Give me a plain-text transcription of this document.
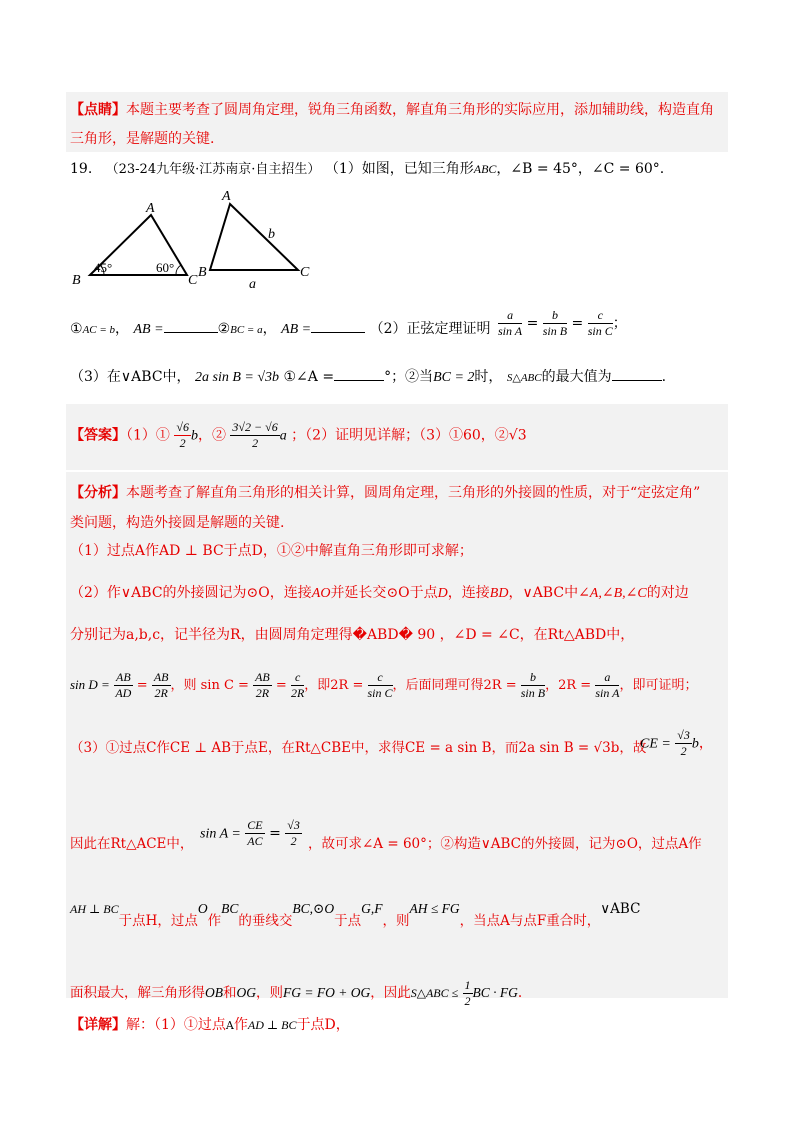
【点睛】本题主要考查了圆周角定理，锐角三角函数，解直角三角形的实际应用，添加辅助线，构造直角
三角形，是解题的关键.
19. （23-24九年级·江苏南京·自主招生） （1）如图，已知三角形ABC，∠B = 45°，∠C = 60°.
A
B	C
45°	60°
A
B	C
b
a
①AC = b， AB =	②BC = a， AB =	（2）正弦定理证明 $\frac{a}{\text{sin A}} = \frac{b}{\text{sin B}} = \frac{c}{\text{sin C}}$ ；
（3）在∨ABC中， 2a sin B = √3b ①∠A =	°；②当BC = 2时， S△ABC的最大值为	.
【答案】（1）① $\frac{√6}{2}$ b，② $\frac{3√2 - √6}{2}$ a ；（2）证明见详解；（3）①60，②√3
【分析】本题考查了解直角三角形的相关计算，圆周角定理，三角形的外接圆的性质，对于“定弦定角”
类问题，构造外接圆是解题的关键.
（1）过点A作AD ⊥ BC于点D，①②中解直角三角形即可求解；
（2）作∨ABC的外接圆记为⊙O，连接AO并延长交⊙O于点D，连接BD，∨ABC中∠A,∠B,∠C的对边
分别记为a,b,c，记半径为R，由圆周角定理得�ABD� 90 ，∠D = ∠C，在Rt△ABD中，
$\sin D = \frac{AB}{AD} = \frac{AB}{2R}$ ，则 $\sin C = \frac{AB}{2R} = \frac{c}{2R}$ ，即$2R = \frac{c}{\text{sin C}}$ ，后面同理可得$2R = \frac{b}{\text{sin B}}$ ，$2R = \frac{a}{\text{sin A}}$ ，即可证明；
（3）①过点C作CE ⊥ AB于点E，在Rt△CBE中，求得CE = a sin B，而2a sin B = √3b，故
CE = $\frac{√3}{2}$ b，
因此在Rt△ACE中，
$\sin A = \frac{CE}{AC} = \frac{√3}{2}$ ，故可求∠A = 60°；②构造∨ABC的外接圆，记为⊙O，过点A作
AH ⊥ BC于点H，过点O作BC的垂线交BC,⊙O于点G,F，则AH ≤ FG，当点A与点F重合时，∨ABC
面积最大，解三角形得OB和OG，则FG = FO + OG，因此S△ABC ≤ $\frac{1}{2}$ BC · FG.
【详解】解：（1）①过点A作AD ⊥ BC于点D，
